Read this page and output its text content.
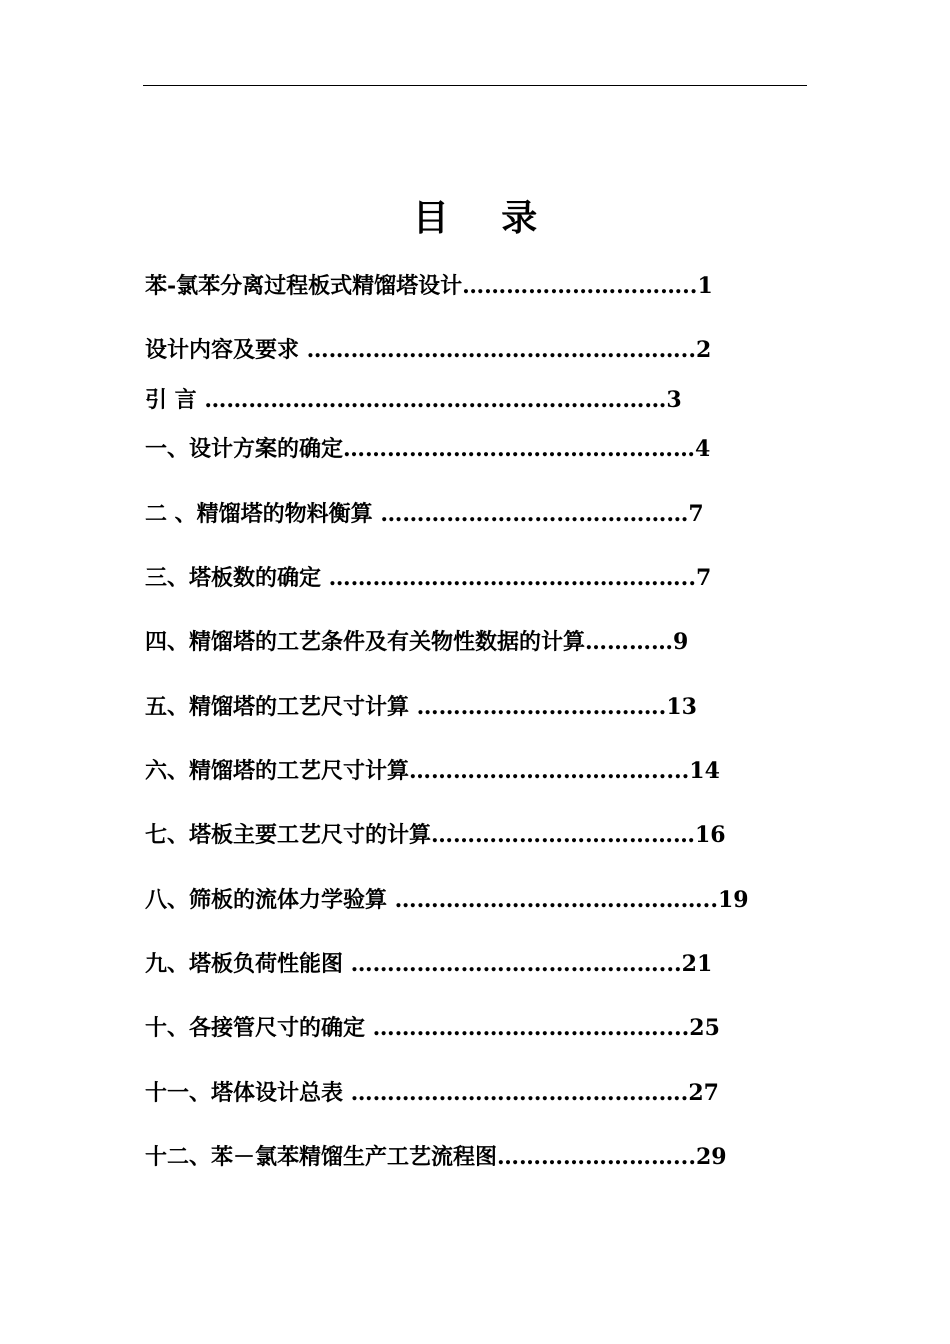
目 录
苯-氯苯分离过程板式精馏塔设计…………………………..1
设计内容及要求 ……………………………………………..2
引 言 ………………………………………………………3
一、设计方案的确定…………………………………………4
二 、精馏塔的物料衡算 ……………………………………7
三、塔板数的确定 …………………………………………..7
四、精馏塔的工艺条件及有关物性数据的计算…………9
五、精馏塔的工艺尺寸计算 …………………………….13
六、精馏塔的工艺尺寸计算…………………………….....14
七、塔板主要工艺尺寸的计算………………………………16
八、筛板的流体力学验算 ……………………………………..19
九、塔板负荷性能图 ……………………………………...21
十、各接管尺寸的确定 …………………………………....25
十一、塔体设计总表 ……………………………………….27
十二、苯－氯苯精馏生产工艺流程图……………………...29
